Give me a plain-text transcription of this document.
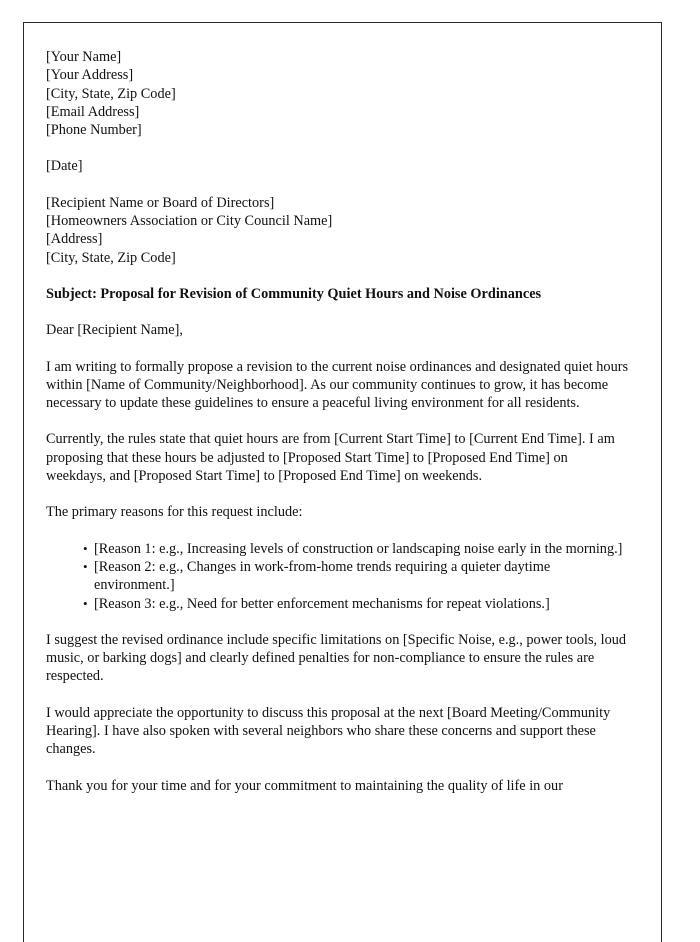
[Your Name]
[Your Address]
[City, State, Zip Code]
[Email Address]
[Phone Number]
[Date]
[Recipient Name or Board of Directors]
[Homeowners Association or City Council Name]
[Address]
[City, State, Zip Code]

Subject: Proposal for Revision of Community Quiet Hours and Noise Ordinances

Dear [Recipient Name],

I am writing to formally propose a revision to the current noise ordinances and designated quiet hours within [Name of Community/Neighborhood]. As our community continues to grow, it has become necessary to update these guidelines to ensure a peaceful living environment for all residents.

Currently, the rules state that quiet hours are from [Current Start Time] to [Current End Time]. I am proposing that these hours be adjusted to [Proposed Start Time] to [Proposed End Time] on weekdays, and [Proposed Start Time] to [Proposed End Time] on weekends.

The primary reasons for this request include:

• [Reason 1: e.g., Increasing levels of construction or landscaping noise early in the morning.]
• [Reason 2: e.g., Changes in work-from-home trends requiring a quieter daytime environment.]
• [Reason 3: e.g., Need for better enforcement mechanisms for repeat violations.]

I suggest the revised ordinance include specific limitations on [Specific Noise, e.g., power tools, loud music, or barking dogs] and clearly defined penalties for non-compliance to ensure the rules are respected.

I would appreciate the opportunity to discuss this proposal at the next [Board Meeting/Community Hearing]. I have also spoken with several neighbors who share these concerns and support these changes.

Thank you for your time and for your commitment to maintaining the quality of life in our
